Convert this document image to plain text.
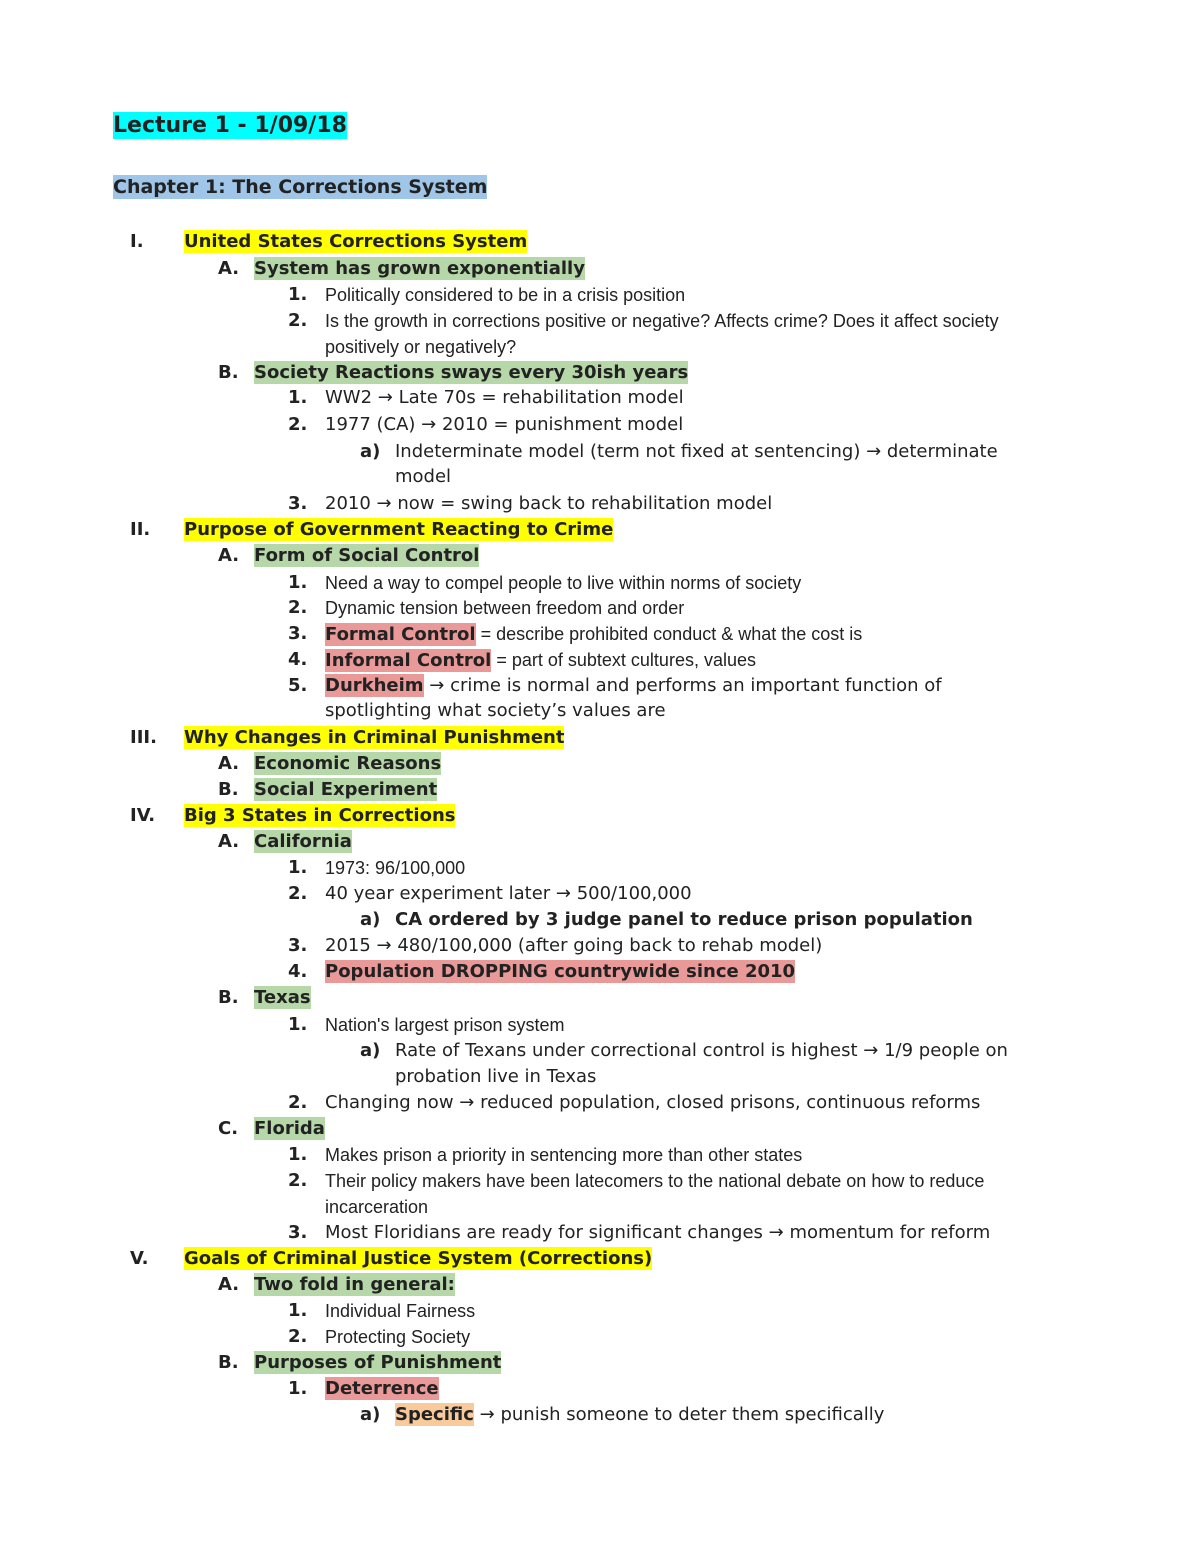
Lecture 1 - 1/09/18
Chapter 1: The Corrections System
I. United States Corrections System
A. System has grown exponentially
1. Politically considered to be in a crisis position
2. Is the growth in corrections positive or negative? Affects crime? Does it affect society
positively or negatively?
B. Society Reactions sways every 30ish years
1. WW2 → Late 70s = rehabilitation model
2. 1977 (CA) → 2010 = punishment model
a) Indeterminate model (term not fixed at sentencing) → determinate
model
3. 2010 → now = swing back to rehabilitation model
II. Purpose of Government Reacting to Crime
A. Form of Social Control
1. Need a way to compel people to live within norms of society
2. Dynamic tension between freedom and order
3. Formal Control = describe prohibited conduct & what the cost is
4. Informal Control = part of subtext cultures, values
5. Durkheim → crime is normal and performs an important function of
spotlighting what society’s values are
III. Why Changes in Criminal Punishment
A. Economic Reasons
B. Social Experiment
IV. Big 3 States in Corrections
A. California
1. 1973: 96/100,000
2. 40 year experiment later → 500/100,000
a) CA ordered by 3 judge panel to reduce prison population
3. 2015 → 480/100,000 (after going back to rehab model)
4. Population DROPPING countrywide since 2010
B. Texas
1. Nation's largest prison system
a) Rate of Texans under correctional control is highest → 1/9 people on
probation live in Texas
2. Changing now → reduced population, closed prisons, continuous reforms
C. Florida
1. Makes prison a priority in sentencing more than other states
2. Their policy makers have been latecomers to the national debate on how to reduce
incarceration
3. Most Floridians are ready for significant changes → momentum for reform
V. Goals of Criminal Justice System (Corrections)
A. Two fold in general:
1. Individual Fairness
2. Protecting Society
B. Purposes of Punishment
1. Deterrence
a) Specific → punish someone to deter them specifically
